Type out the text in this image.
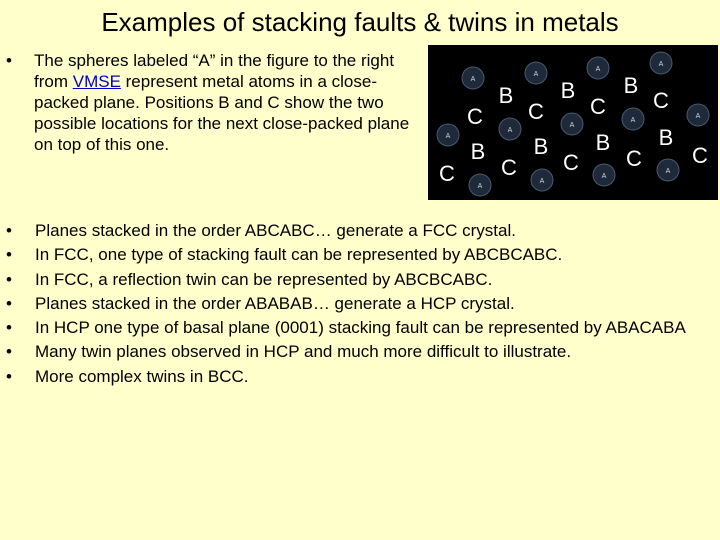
Examples of stacking faults & twins in metals
•	The spheres labeled “A” in the figure to the right from VMSE represent metal atoms in a close-packed plane. Positions B and C show the two possible locations for the next close-packed plane on top of this one.
A
A
A
A
A
A
A
A
A
A
A
A
A
B
C
B
C
B
C C
B
C
B
C
B
C
B
C C
• Planes stacked in the order ABCABC… generate a FCC crystal.
• In FCC, one type of stacking fault can be represented by ABCBCABC.
• In FCC, a reflection twin can be represented by ABCBCABC.
• Planes stacked in the order ABABAB… generate a HCP crystal.
• In HCP one type of basal plane (0001) stacking fault can be represented by ABACABA
• Many twin planes observed in HCP and much more difficult to illustrate.
• More complex twins in BCC.
